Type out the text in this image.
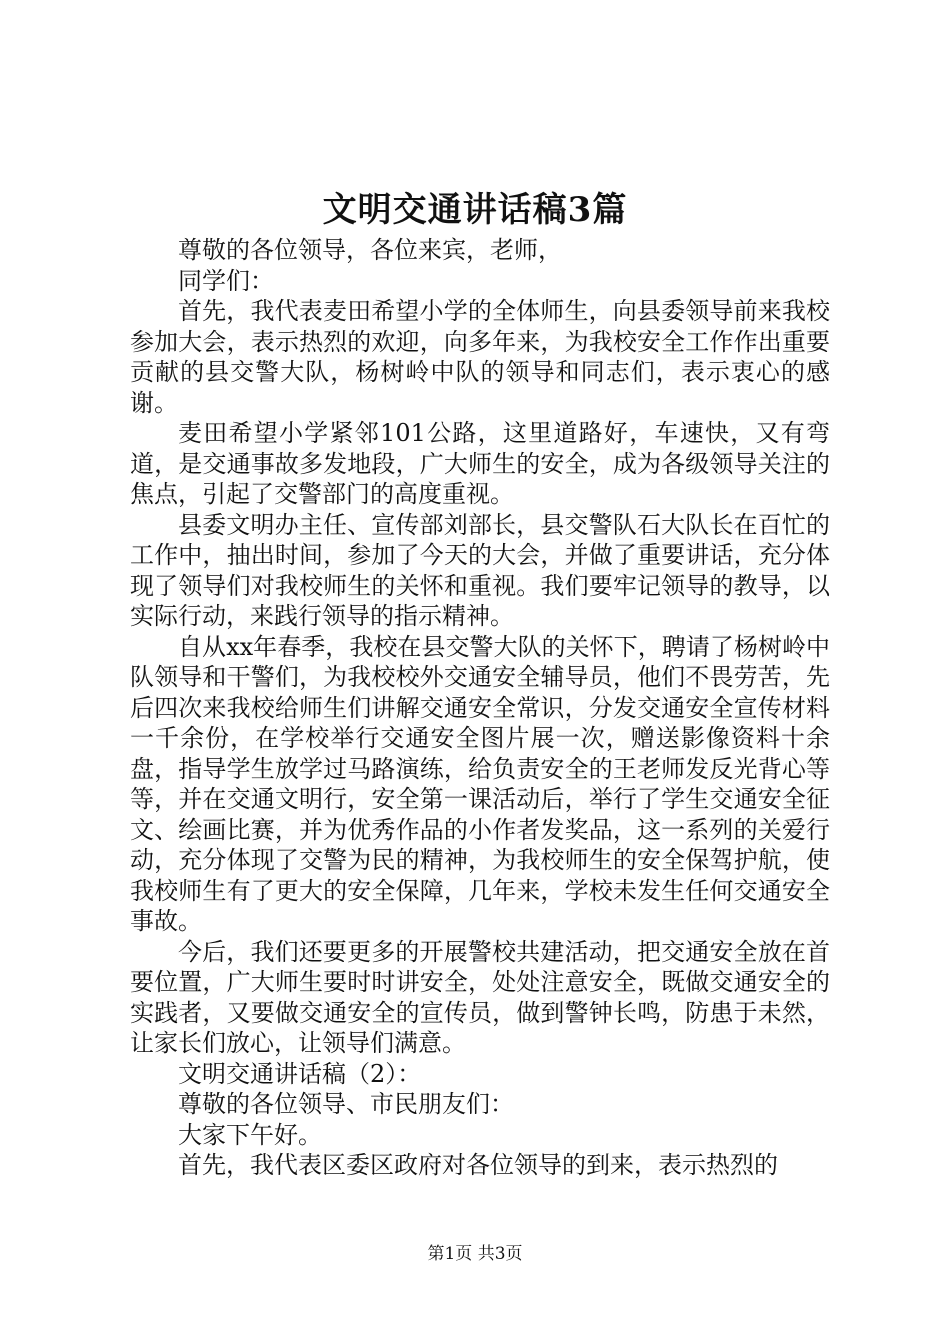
文明交通讲话稿3篇

尊敬的各位领导，各位来宾，老师，

同学们：

首先，我代表麦田希望小学的全体师生，向县委领导前来我校参加大会，表示热烈的欢迎，向多年来，为我校安全工作作出重要贡献的县交警大队，杨树岭中队的领导和同志们，表示衷心的感谢。

麦田希望小学紧邻101公路，这里道路好，车速快，又有弯道，是交通事故多发地段，广大师生的安全，成为各级领导关注的焦点，引起了交警部门的高度重视。

县委文明办主任、宣传部刘部长，县交警队石大队长在百忙的工作中，抽出时间，参加了今天的大会，并做了重要讲话，充分体现了领导们对我校师生的关怀和重视。我们要牢记领导的教导，以实际行动，来践行领导的指示精神。

自从xx年春季，我校在县交警大队的关怀下，聘请了杨树岭中队领导和干警们，为我校校外交通安全辅导员，他们不畏劳苦，先后四次来我校给师生们讲解交通安全常识，分发交通安全宣传材料一千余份，在学校举行交通安全图片展一次，赠送影像资料十余盘，指导学生放学过马路演练，给负责安全的王老师发反光背心等等，并在交通文明行，安全第一课活动后，举行了学生交通安全征文、绘画比赛，并为优秀作品的小作者发奖品，这一系列的关爱行动，充分体现了交警为民的精神，为我校师生的安全保驾护航，使我校师生有了更大的安全保障，几年来，学校未发生任何交通安全事故。

今后，我们还要更多的开展警校共建活动，把交通安全放在首要位置，广大师生要时时讲安全，处处注意安全，既做交通安全的实践者，又要做交通安全的宣传员，做到警钟长鸣，防患于未然，让家长们放心，让领导们满意。

文明交通讲话稿（2）：

尊敬的各位领导、市民朋友们：

大家下午好。

首先，我代表区委区政府对各位领导的到来，表示热烈的

第1页 共3页
